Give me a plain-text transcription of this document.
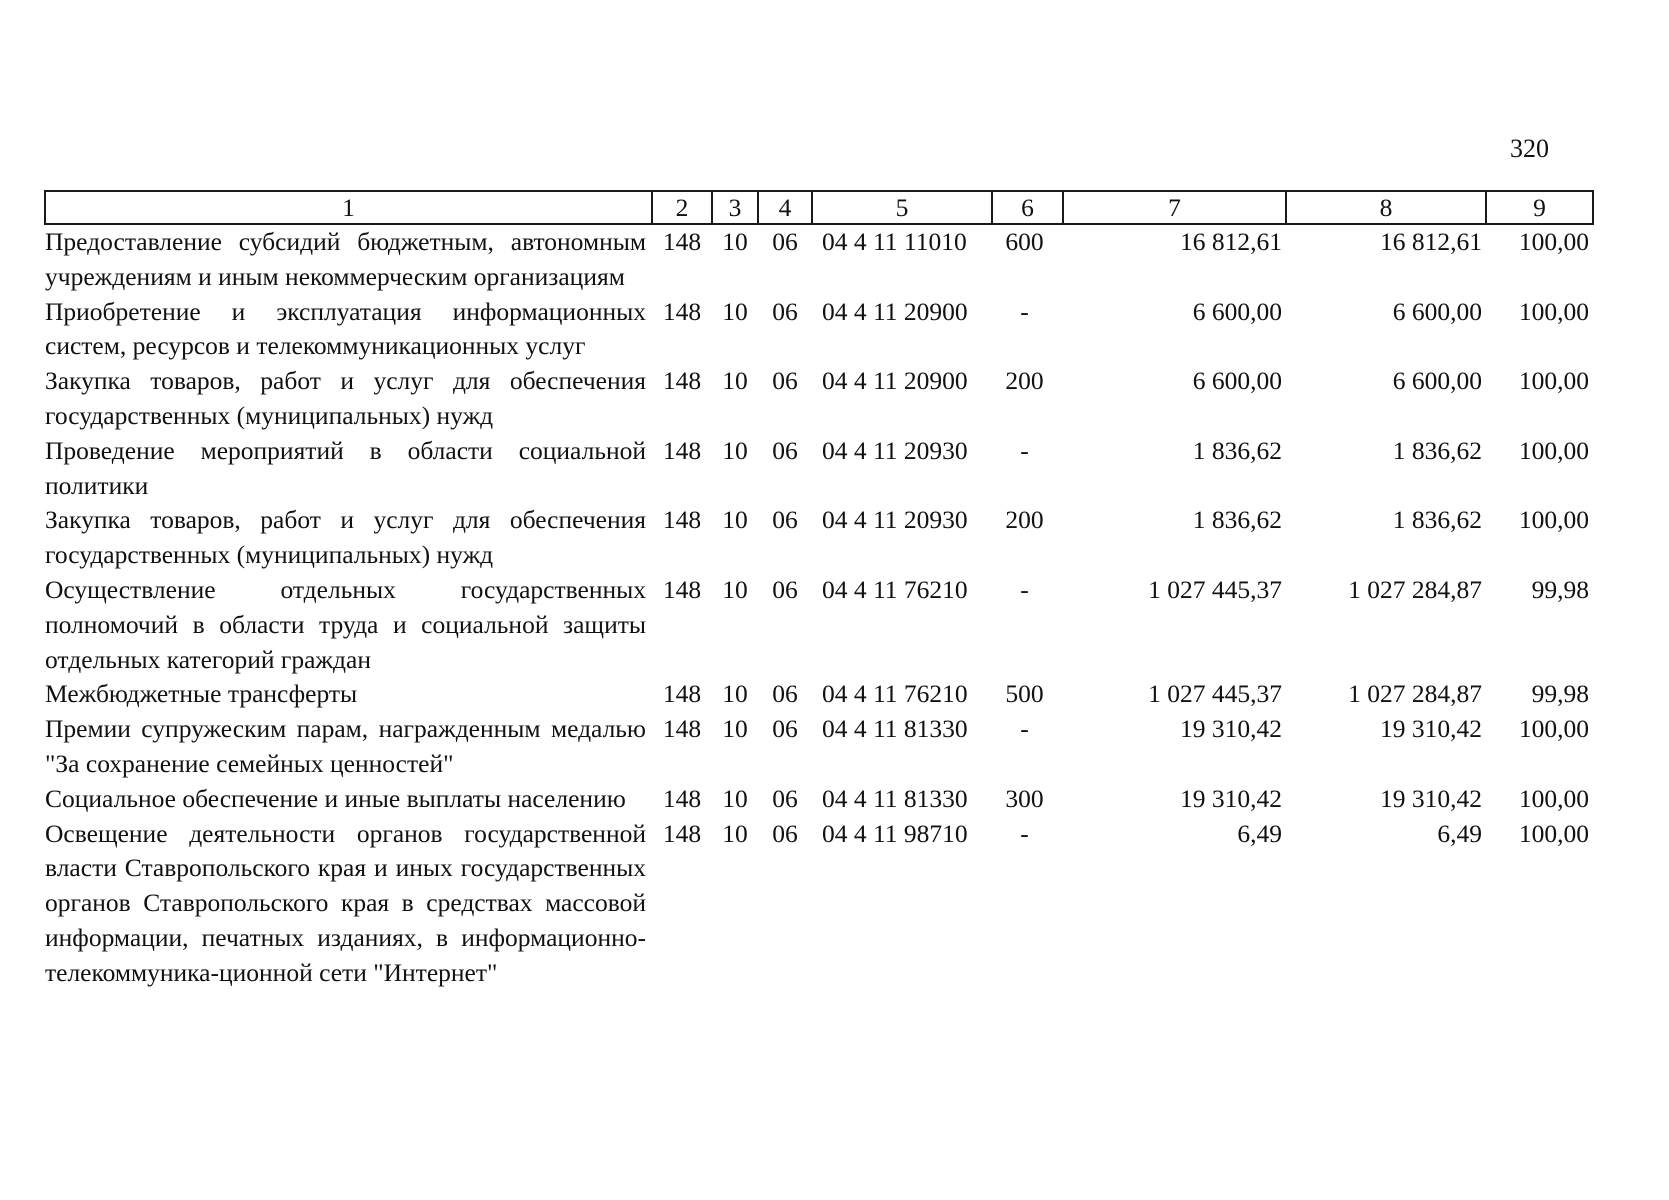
320
1	2	3	4	5	6	7	8	9
Предоставление субсидий бюджетным, автономным учреждениям и иным некоммерческим организациям	148	10	06	04 4 11 11010	600	16 812,61	16 812,61	100,00
Приобретение и эксплуатация информационных систем, ресурсов и телекоммуникационных услуг	148	10	06	04 4 11 20900	-	6 600,00	6 600,00	100,00
Закупка товаров, работ и услуг для обеспечения государственных (муниципальных) нужд	148	10	06	04 4 11 20900	200	6 600,00	6 600,00	100,00
Проведение мероприятий в области социальной политики	148	10	06	04 4 11 20930	-	1 836,62	1 836,62	100,00
Закупка товаров, работ и услуг для обеспечения государственных (муниципальных) нужд	148	10	06	04 4 11 20930	200	1 836,62	1 836,62	100,00
Осуществление отдельных государственных полномочий в области труда и социальной защиты отдельных категорий граждан	148	10	06	04 4 11 76210	-	1 027 445,37	1 027 284,87	99,98
Межбюджетные трансферты	148	10	06	04 4 11 76210	500	1 027 445,37	1 027 284,87	99,98
Премии супружеским парам, награжденным медалью "За сохранение семейных ценностей"	148	10	06	04 4 11 81330	-	19 310,42	19 310,42	100,00
Социальное обеспечение и иные выплаты населению	148	10	06	04 4 11 81330	300	19 310,42	19 310,42	100,00
Освещение деятельности органов государственной власти Ставропольского края и иных государственных органов Ставропольского края в средствах массовой информации, печатных изданиях, в информационно-телекоммуника-ционной сети "Интернет"	148	10	06	04 4 11 98710	-	6,49	6,49	100,00
